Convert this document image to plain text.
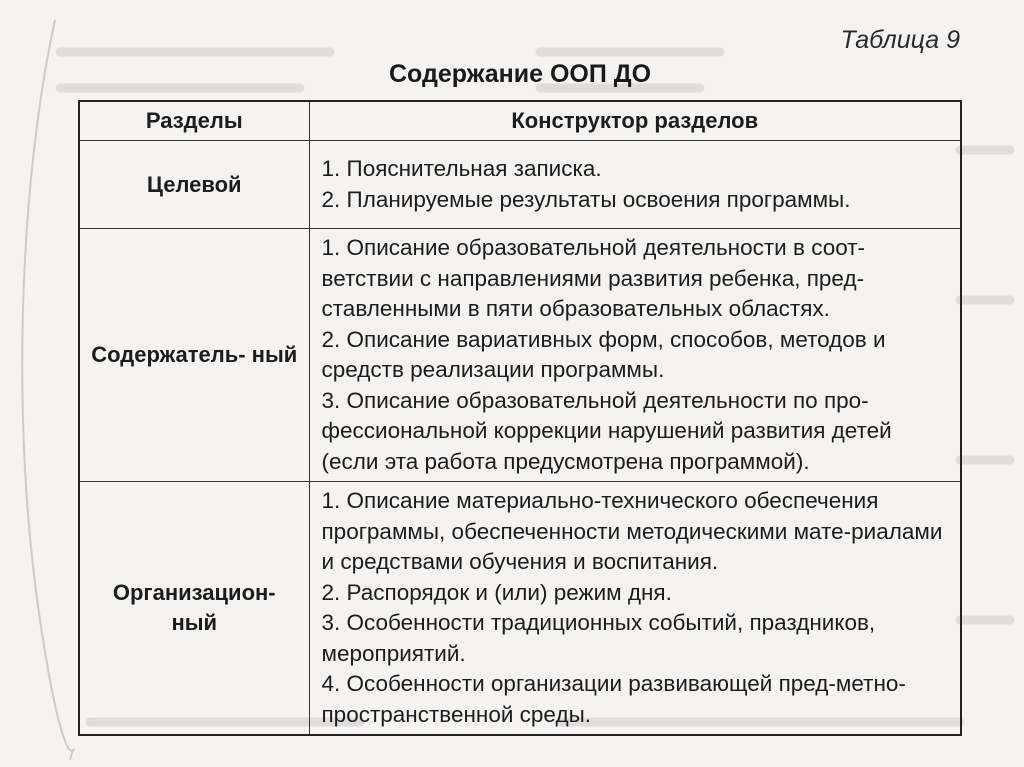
Таблица 9
Содержание ООП ДО
Разделы	Конструктор разделов
Целевой	1. Пояснительная записка.
2. Планируемые результаты освоения программы.

Содержатель- ный	1. Описание образовательной деятельности в соот-ветствии с направлениями развития ребенка, пред-ставленными в пяти образовательных областях.
2. Описание вариативных форм, способов, методов и средств реализации программы.
3. Описание образовательной деятельности по про-фессиональной коррекции нарушений развития детей (если эта работа предусмотрена программой).

Организацион- ный	1. Описание материально-технического обеспечения программы, обеспеченности методическими мате-риалами и средствами обучения и воспитания.
2. Распорядок и (или) режим дня.
3. Особенности традиционных событий, праздников, мероприятий.
4. Особенности организации развивающей пред-метно-пространственной среды.
